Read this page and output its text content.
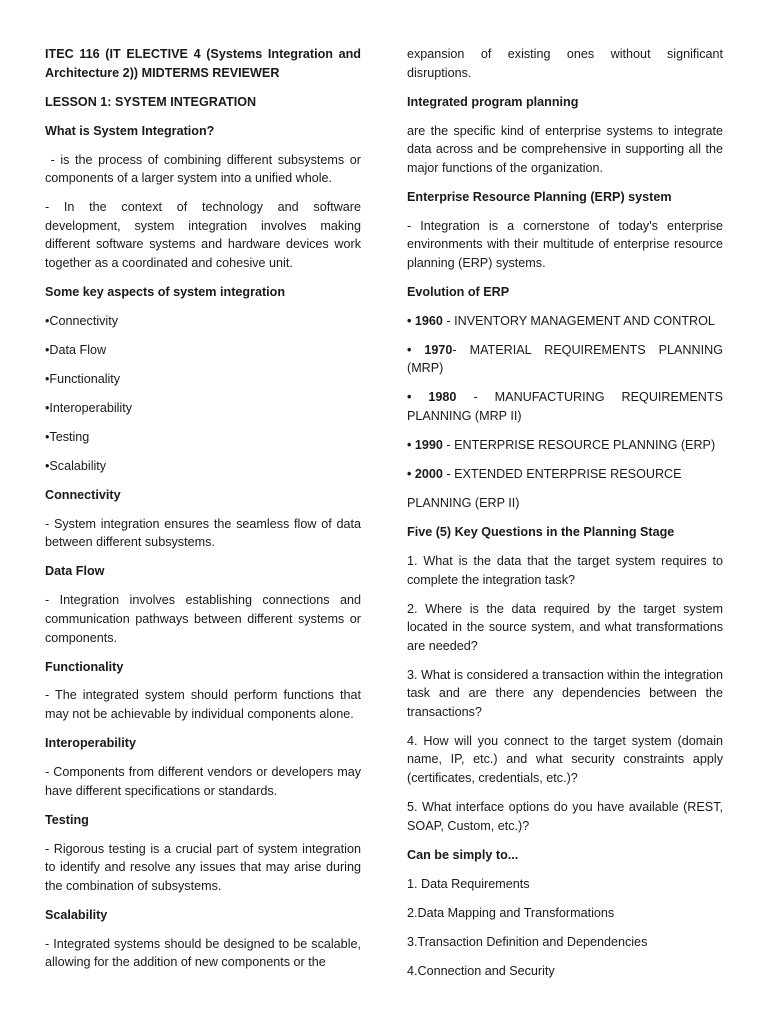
ITEC 116 (IT ELECTIVE 4 (Systems Integration and Architecture 2)) MIDTERMS REVIEWER

LESSON 1: SYSTEM INTEGRATION

What is System Integration?

- is the process of combining different subsystems or components of a larger system into a unified whole.

- In the context of technology and software development, system integration involves making different software systems and hardware devices work together as a coordinated and cohesive unit.

Some key aspects of system integration

•Connectivity

•Data Flow

•Functionality

•Interoperability

•Testing

•Scalability

Connectivity

- System integration ensures the seamless flow of data between different subsystems.

Data Flow

- Integration involves establishing connections and communication pathways between different systems or components.

Functionality

- The integrated system should perform functions that may not be achievable by individual components alone.

Interoperability

- Components from different vendors or developers may have different specifications or standards.

Testing

- Rigorous testing is a crucial part of system integration to identify and resolve any issues that may arise during the combination of subsystems.

Scalability

- Integrated systems should be designed to be scalable, allowing for the addition of new components or the

expansion of existing ones without significant disruptions.

Integrated program planning

are the specific kind of enterprise systems to integrate data across and be comprehensive in supporting all the major functions of the organization.

Enterprise Resource Planning (ERP) system

- Integration is a cornerstone of today's enterprise environments with their multitude of enterprise resource planning (ERP) systems.

Evolution of ERP

• 1960 - INVENTORY MANAGEMENT AND CONTROL

• 1970- MATERIAL REQUIREMENTS PLANNING (MRP)

• 1980 - MANUFACTURING REQUIREMENTS PLANNING (MRP II)

• 1990 - ENTERPRISE RESOURCE PLANNING (ERP)

• 2000 - EXTENDED ENTERPRISE RESOURCE

PLANNING (ERP II)

Five (5) Key Questions in the Planning Stage

1. What is the data that the target system requires to complete the integration task?

2. Where is the data required by the target system located in the source system, and what transformations are needed?

3. What is considered a transaction within the integration task and are there any dependencies between the transactions?

4. How will you connect to the target system (domain name, IP, etc.) and what security constraints apply (certificates, credentials, etc.)?

5. What interface options do you have available (REST, SOAP, Custom, etc.)?

Can be simply to...

1. Data Requirements

2.Data Mapping and Transformations

3.Transaction Definition and Dependencies

4.Connection and Security
